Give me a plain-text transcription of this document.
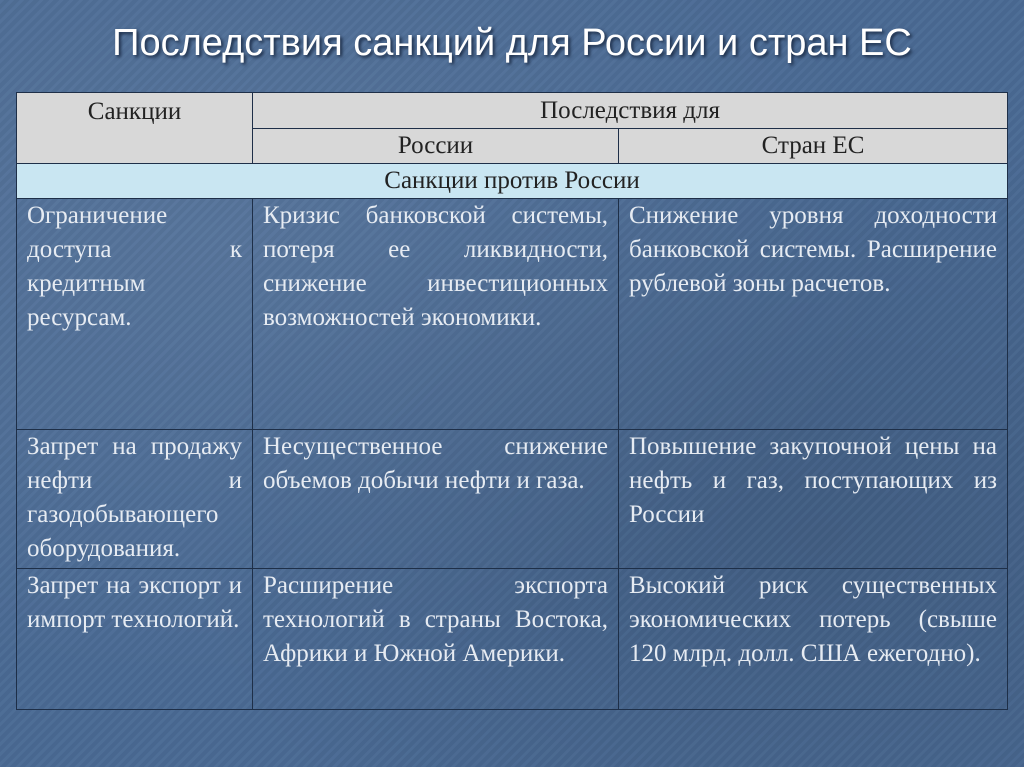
Последствия санкций для России и стран ЕС
Санкции	Последствия для	
	России	Стран ЕС
Санкции против России		
Ограничение доступа к кредитным ресурсам.	Кризис банковской системы, потеря ее ликвидности, снижение инвестиционных возможностей экономики.	Снижение уровня доходности банковской системы. Расширение рублевой зоны расчетов.
Запрет на продажу нефти и газодобывающего оборудования.	Несущественное снижение объемов добычи нефти и газа.	Повышение закупочной цены на нефть и газ, поступающих из России
Запрет на экспорт и импорт технологий.	Расширение экспорта технологий в страны Востока, Африки и Южной Америки.	Высокий риск существенных экономических потерь (свыше 120 млрд. долл. США ежегодно).
